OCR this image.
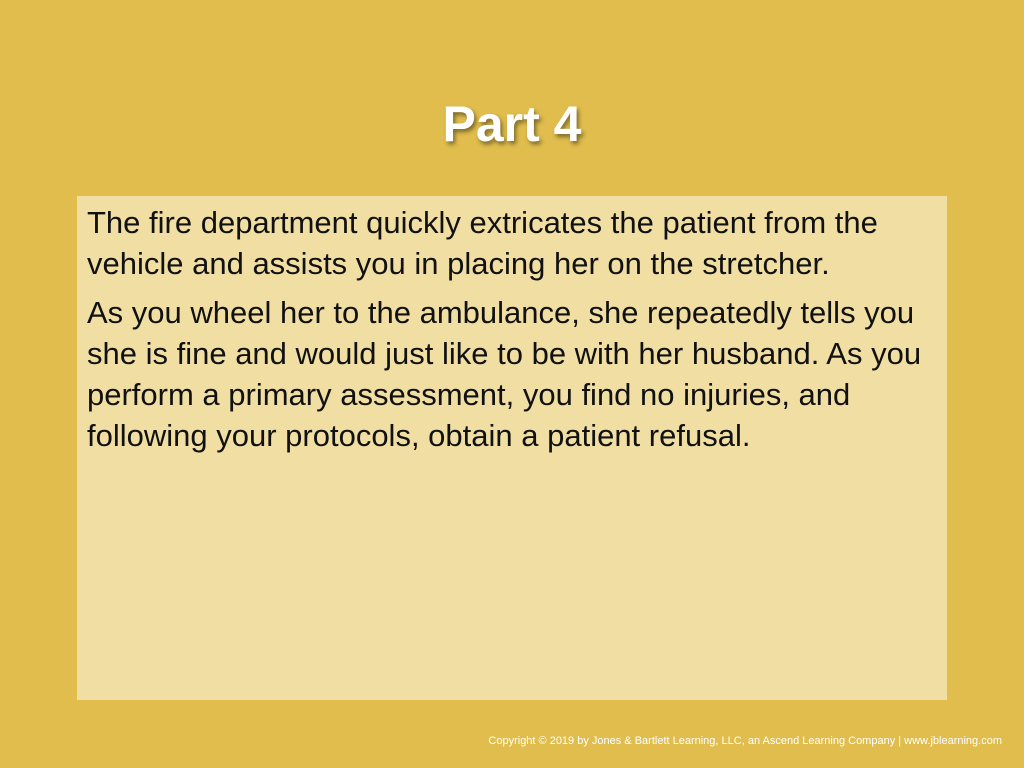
Part 4

The fire department quickly extricates the patient from the vehicle and assists you in placing her on the stretcher.

As you wheel her to the ambulance, she repeatedly tells you she is fine and would just like to be with her husband. As you perform a primary assessment, you find no injuries, and following your protocols, obtain a patient refusal.

Copyright © 2019 by Jones & Bartlett Learning, LLC, an Ascend Learning Company | www.jblearning.com
